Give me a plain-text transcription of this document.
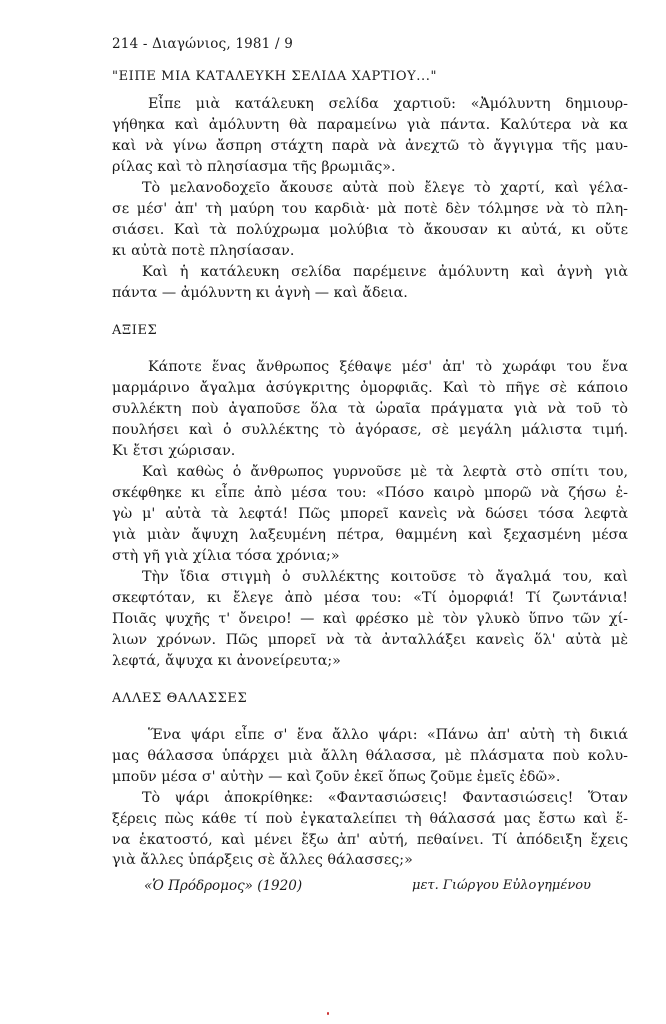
214 - Διαγώνιος, 1981 / 9
"ΕΙΠΕ ΜΙΑ ΚΑΤΑΛΕΥΚΗ ΣΕΛΙΔΑ ΧΑΡΤΙΟΥ..."
Εἶπε μιὰ κατάλευκη σελίδα χαρτιοῦ: «Ἀμόλυντη δημιουρ-
γήθηκα καὶ ἀμόλυντη θὰ παραμείνω γιὰ πάντα. Καλύτερα νὰ κα
καὶ νὰ γίνω ἄσπρη στάχτη παρὰ νὰ ἀνεχτῶ τὸ ἄγγιγμα τῆς μαυ-
ρίλας καὶ τὸ πλησίασμα τῆς βρωμιᾶς».
Τὸ μελανοδοχεῖο ἄκουσε αὐτὰ ποὺ ἔλεγε τὸ χαρτί, καὶ γέλα-
σε μέσ' ἀπ' τὴ μαύρη του καρδιὰ· μὰ ποτὲ δὲν τόλμησε νὰ τὸ πλη-
σιάσει. Καὶ τὰ πολύχρωμα μολύβια τὸ ἄκουσαν κι αὐτά, κι οὔτε
κι αὐτὰ ποτὲ πλησίασαν.
Καὶ ἡ κατάλευκη σελίδα παρέμεινε ἀμόλυντη καὶ ἁγνὴ γιὰ
πάντα — ἀμόλυντη κι ἁγνὴ — καὶ ἄδεια.
ΑΞΙΕΣ
Κάποτε ἕνας ἄνθρωπος ξέθαψε μέσ' ἀπ' τὸ χωράφι του ἕνα
μαρμάρινο ἄγαλμα ἀσύγκριτης ὀμορφιᾶς. Καὶ τὸ πῆγε σὲ κάποιο
συλλέκτη ποὺ ἀγαποῦσε ὅλα τὰ ὡραῖα πράγματα γιὰ νὰ τοῦ τὸ
πουλήσει καὶ ὁ συλλέκτης τὸ ἀγόρασε, σὲ μεγάλη μάλιστα τιμή.
Κι ἔτσι χώρισαν.
Καὶ καθὼς ὁ ἄνθρωπος γυρνοῦσε μὲ τὰ λεφτὰ στὸ σπίτι του,
σκέφθηκε κι εἶπε ἀπὸ μέσα του: «Πόσο καιρὸ μπορῶ νὰ ζήσω ἐ-
γὼ μ' αὐτὰ τὰ λεφτά! Πῶς μπορεῖ κανεὶς νὰ δώσει τόσα λεφτὰ
γιὰ μιὰν ἄψυχη λαξευμένη πέτρα, θαμμένη καὶ ξεχασμένη μέσα
στὴ γῆ γιὰ χίλια τόσα χρόνια;»
Τὴν ἴδια στιγμὴ ὁ συλλέκτης κοιτοῦσε τὸ ἄγαλμά του, καὶ
σκεφτόταν, κι ἔλεγε ἀπὸ μέσα του: «Τί ὀμορφιά! Τί ζωντάνια!
Ποιᾶς ψυχῆς τ' ὄνειρο! — καὶ φρέσκο μὲ τὸν γλυκὸ ὕπνο τῶν χί-
λιων χρόνων. Πῶς μπορεῖ νὰ τὰ ἀνταλλάξει κανεὶς ὅλ' αὐτὰ μὲ
λεφτά, ἄψυχα κι ἀνονείρευτα;»
ΑΛΛΕΣ ΘΑΛΑΣΣΕΣ
Ἕνα ψάρι εἶπε σ' ἕνα ἄλλο ψάρι: «Πάνω ἀπ' αὐτὴ τὴ δικιά
μας θάλασσα ὑπάρχει μιὰ ἄλλη θάλασσα, μὲ πλάσματα ποὺ κολυ-
μποῦν μέσα σ' αὐτὴν — καὶ ζοῦν ἐκεῖ ὅπως ζοῦμε ἐμεῖς ἐδῶ».
Τὸ ψάρι ἀποκρίθηκε: «Φαντασιώσεις! Φαντασιώσεις! Ὅταν
ξέρεις πὼς κάθε τί ποὺ ἐγκαταλείπει τὴ θάλασσά μας ἔστω καὶ ἕ-
να ἑκατοστό, καὶ μένει ἔξω ἀπ' αὐτή, πεθαίνει. Τί ἀπόδειξη ἔχεις
γιὰ ἄλλες ὑπάρξεις σὲ ἄλλες θάλασσες;»
«Ὁ Πρόδρομος» (1920)	μετ. Γιώργου Εὐλογημένου
